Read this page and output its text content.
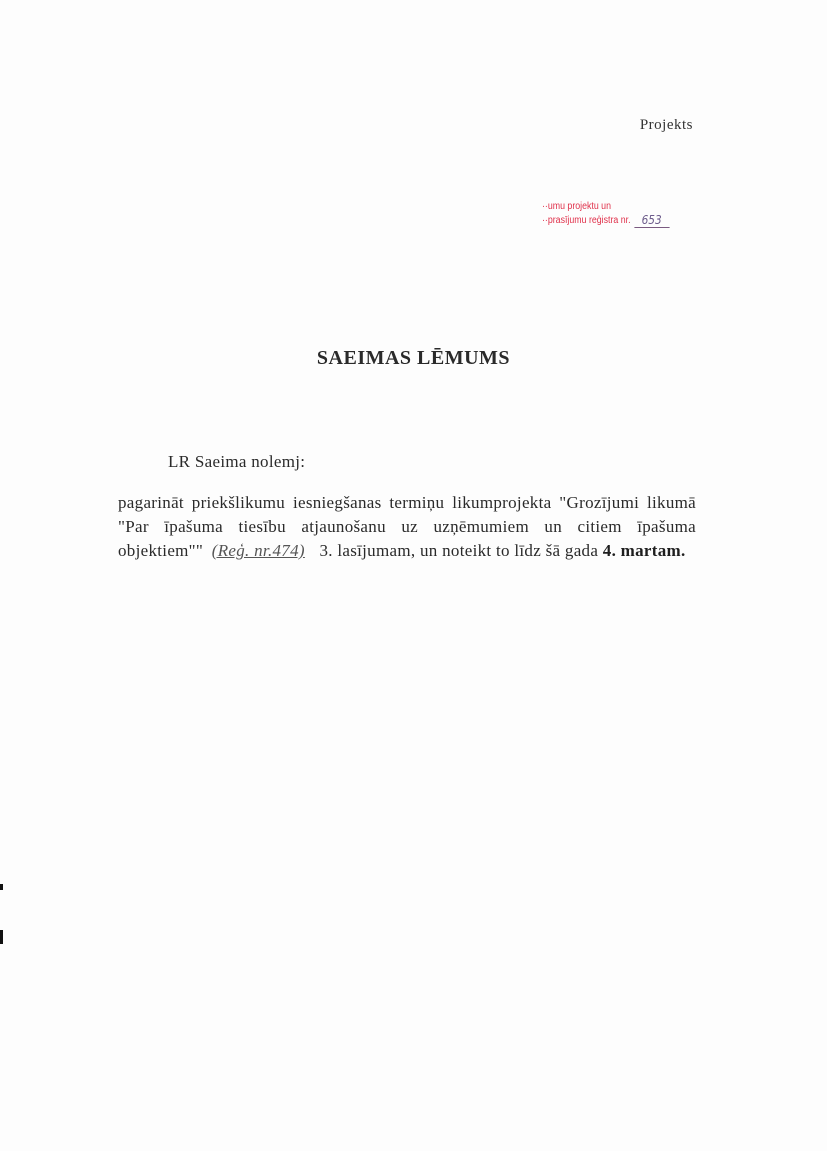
Projekts
··umu projektu un
··prasījumu reģistra nr. 653
SAEIMAS LĒMUMS
LR Saeima nolemj:
pagarināt priekšlikumu iesniegšanas termiņu likumprojekta "Grozījumi likumā "Par īpašuma tiesību atjaunošanu uz uzņēmumiem un citiem īpašuma objektiem"" (Reģ. nr.474) 3. lasījumam, un noteikt to līdz šā gada 4. martam.
